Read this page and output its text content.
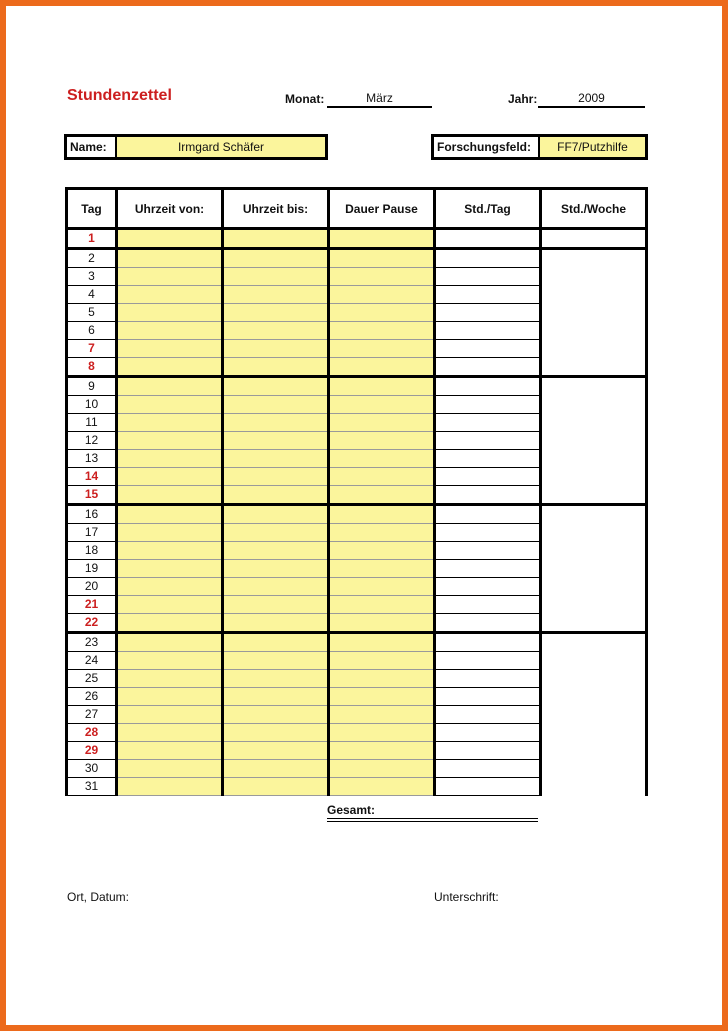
Stundenzettel	Monat:	März	Jahr:	2009
Name:	Irmgard Schäfer	Forschungsfeld:	FF7/Putzhilfe
Tag	Uhrzeit von:	Uhrzeit bis:	Dauer Pause	Std./Tag	Std./Woche
1					
2					
3					
4					
5					
6					
7					
8					
9					
10					
11					
12					
13					
14					
15					
16					
17					
18					
19					
20					
21					
22					
23					
24					
25					
26					
27					
28					
29					
30					
31					
Gesamt:
Ort, Datum:	Unterschrift:
